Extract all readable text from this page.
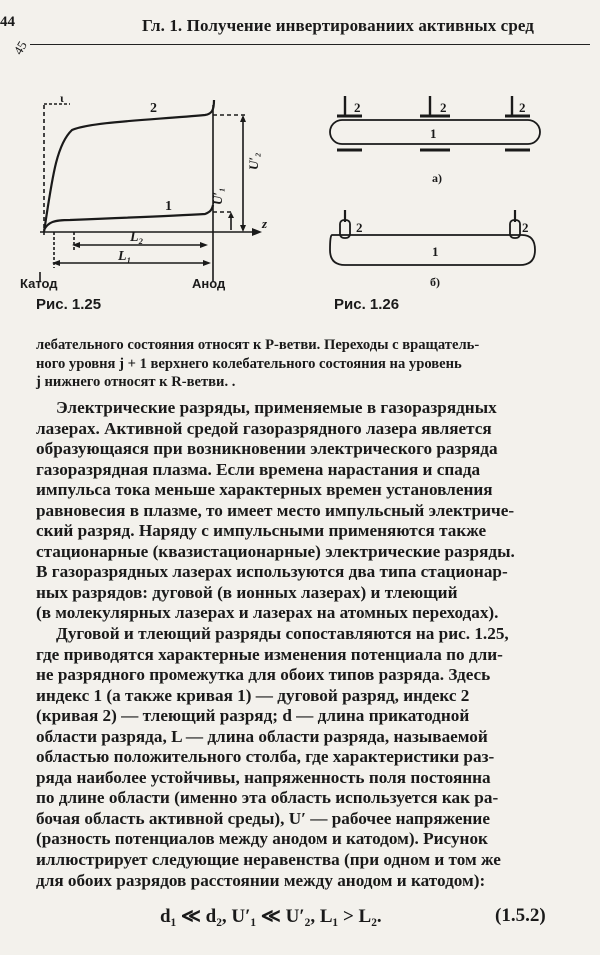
44
45
Гл. 1. Получение инвертированиих активных сред
2
1
L₂
L₁
z
ι
U′₁
U′₂
Катод	Анод
2	2	2
1
а)
2	2
1
б)
Рис. 1.25	Рис. 1.26
лебательного состояния относят к P-ветви. Переходы с вращатель-
ного уровня j + 1 верхнего колебательного состояния на уровень
j нижнего относят к R-ветви. .
Электрические разряды, применяемые в газоразрядных
лазерах. Активной средой газоразрядного лазера является
образующаяся при возникновении электрического разряда
газоразрядная плазма. Если времена нарастания и спада
импульса тока меньше характерных времен установления
равновесия в плазме, то имеет место импульсный электриче-
ский разряд. Наряду с импульсными применяются также
стационарные (квазистационарные) электрические разряды.
В газоразрядных лазерах используются два типа стационар-
ных разрядов: дуговой (в ионных лазерах) и тлеющий
(в молекулярных лазерах и лазерах на атомных переходах).
Дуговой и тлеющий разряды сопоставляются на рис. 1.25,
где приводятся характерные изменения потенциала по дли-
не разрядного промежутка для обоих типов разряда. Здесь
индекс 1 (а также кривая 1) — дуговой разряд, индекс 2
(кривая 2) — тлеющий разряд; d — длина прикатодной
области разряда, L — длина области разряда, называемой
областью положительного столба, где характеристики раз-
ряда наиболее устойчивы, напряженность поля постоянна
по длине области (именно эта область используется как ра-
бочая область активной среды), U′ — рабочее напряжение
(разность потенциалов между анодом и катодом). Рисунок
иллюстрирует следующие неравенства (при одном и том же
для обоих разрядов расстоянии между анодом и катодом):
d₁ ≪ d₂, U′₁ ≪ U′₂, L₁ > L₂.	(1.5.2)
